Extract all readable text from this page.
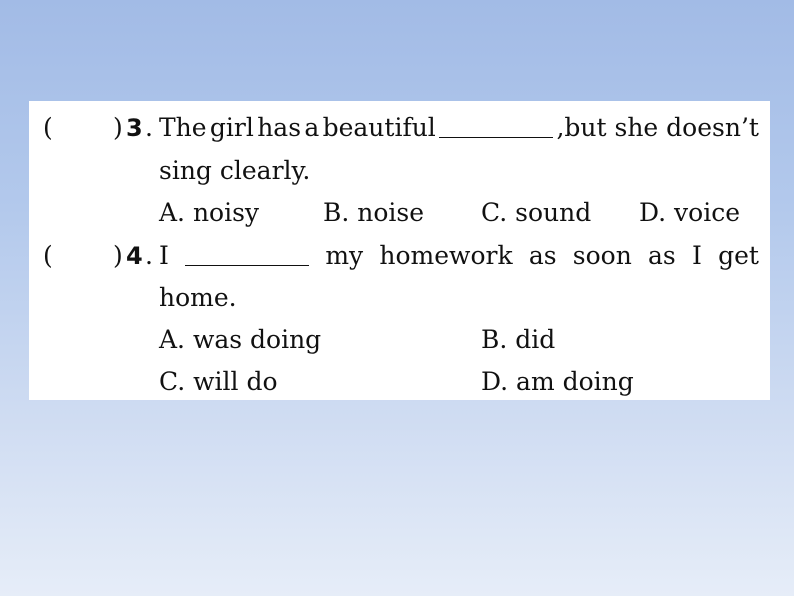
( ) 3 . The girl has a beautiful	,but she doesn’t
sing clearly.
A. noisy	B. noise C. sound D. voice
( ) 4 . I	my homework as soon as I get
home.
A. was doing	B. did
C. will do	D. am doing
